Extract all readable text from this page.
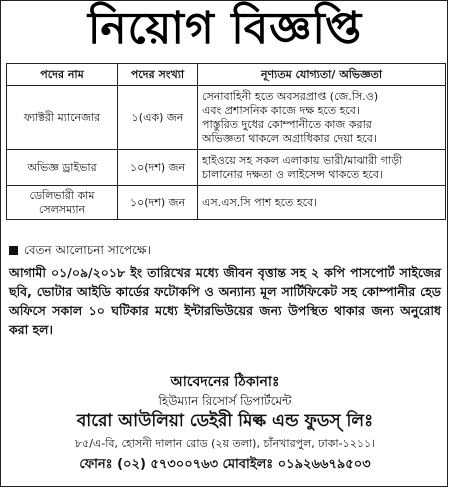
নিয়োগ বিজ্ঞপ্তি
পদের নাম	পদের সংখ্যা	নূণ্যতম যোগ্যতা/ অভিজ্ঞতা
ফ্যাক্টরী ম্যানেজার	১(এক) জন	সেনাবাহিনী হতে অবসরপ্রাপ্ত (জে.সি.ও)
এবং প্রশাসনিক কাজে দক্ষ হতে হবে।
পাস্তুরিত দুধের কোম্পানীতে কাজ করার
অভিজ্ঞতা থাকলে অগ্রাধিকার দেয়া হবে।

অভিজ্ঞ ড্রাইভার	১০(দশ) জন	হাইওয়ে সহ সকল এলাকায় ভারী/মাঝারী গাড়ী
চালানোর দক্ষতা ও লাইসেন্স থাকতে হবে।

ডেলিভারী কাম সেলসম্যান	১০(দশ) জন	এস.এস.সি পাশ হতে হবে।
বেতন আলোচনা সাপেক্ষে।
আগামী ০১/০৯/২০১৮ ইং তারিখের মধ্যে জীবন বৃত্তান্ত সহ ২ কপি পাসপোর্ট সাইজের ছবি, ভোটার আইডি কার্ডের ফটোকপি ও অন্যান্য মূল সার্টিফিকেট সহ কোম্পানীর হেড অফিসে সকাল ১০ ঘটিকার মধ্যে ইন্টারভিউয়ের জন্য উপস্থিত থাকার জন্য অনুরোধ করা হল।
আবেদনের ঠিকানাঃ
হিউম্যান রিসোর্স ডিপার্টমেন্ট
বারো আউলিয়া ডেইরী মিল্ক এন্ড ফুডস্ লিঃ
৮৫/এ-বি, হোসনী দালান রোড (২য় তলা), চাঁনখারপুল, ঢাকা-১২১১।
ফোনঃ (০২) ৫৭৩০০৭৬৩ মোবাইলঃ ০১৯২৬৬৭৯৫০৩
